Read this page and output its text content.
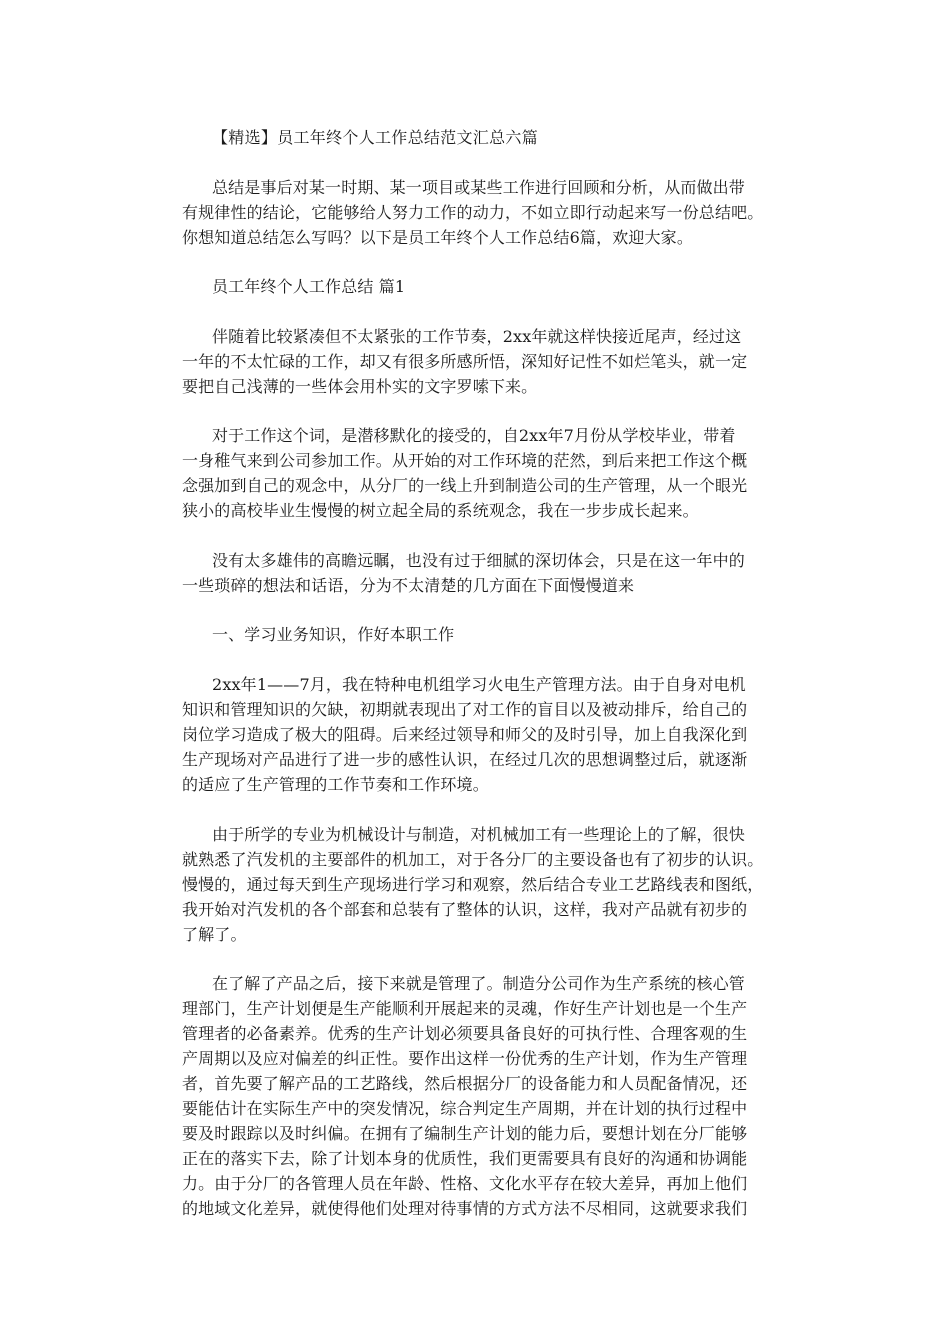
【精选】员工年终个人工作总结范文汇总六篇
总结是事后对某一时期、某一项目或某些工作进行回顾和分析，从而做出带
有规律性的结论，它能够给人努力工作的动力，不如立即行动起来写一份总结吧。
你想知道总结怎么写吗？以下是员工年终个人工作总结6篇，欢迎大家。
员工年终个人工作总结 篇1
伴随着比较紧凑但不太紧张的工作节奏，2xx年就这样快接近尾声，经过这
一年的不太忙碌的工作，却又有很多所感所悟，深知好记性不如烂笔头，就一定
要把自己浅薄的一些体会用朴实的文字罗嗦下来。
对于工作这个词，是潜移默化的接受的，自2xx年7月份从学校毕业，带着
一身稚气来到公司参加工作。从开始的对工作环境的茫然，到后来把工作这个概
念强加到自己的观念中，从分厂的一线上升到制造公司的生产管理，从一个眼光
狭小的高校毕业生慢慢的树立起全局的系统观念，我在一步步成长起来。
没有太多雄伟的高瞻远瞩，也没有过于细腻的深切体会，只是在这一年中的
一些琐碎的想法和话语，分为不太清楚的几方面在下面慢慢道来
一、学习业务知识，作好本职工作
2xx年1——7月，我在特种电机组学习火电生产管理方法。由于自身对电机
知识和管理知识的欠缺，初期就表现出了对工作的盲目以及被动排斥，给自己的
岗位学习造成了极大的阻碍。后来经过领导和师父的及时引导，加上自我深化到
生产现场对产品进行了进一步的感性认识，在经过几次的思想调整过后，就逐渐
的适应了生产管理的工作节奏和工作环境。
由于所学的专业为机械设计与制造，对机械加工有一些理论上的了解，很快
就熟悉了汽发机的主要部件的机加工，对于各分厂的主要设备也有了初步的认识。
慢慢的，通过每天到生产现场进行学习和观察，然后结合专业工艺路线表和图纸，
我开始对汽发机的各个部套和总装有了整体的认识，这样，我对产品就有初步的
了解了。
在了解了产品之后，接下来就是管理了。制造分公司作为生产系统的核心管
理部门，生产计划便是生产能顺利开展起来的灵魂，作好生产计划也是一个生产
管理者的必备素养。优秀的生产计划必须要具备良好的可执行性、合理客观的生
产周期以及应对偏差的纠正性。要作出这样一份优秀的生产计划，作为生产管理
者，首先要了解产品的工艺路线，然后根据分厂的设备能力和人员配备情况，还
要能估计在实际生产中的突发情况，综合判定生产周期，并在计划的执行过程中
要及时跟踪以及时纠偏。在拥有了编制生产计划的能力后，要想计划在分厂能够
正在的落实下去，除了计划本身的优质性，我们更需要具有良好的沟通和协调能
力。由于分厂的各管理人员在年龄、性格、文化水平存在较大差异，再加上他们
的地域文化差异，就使得他们处理对待事情的方式方法不尽相同，这就要求我们
